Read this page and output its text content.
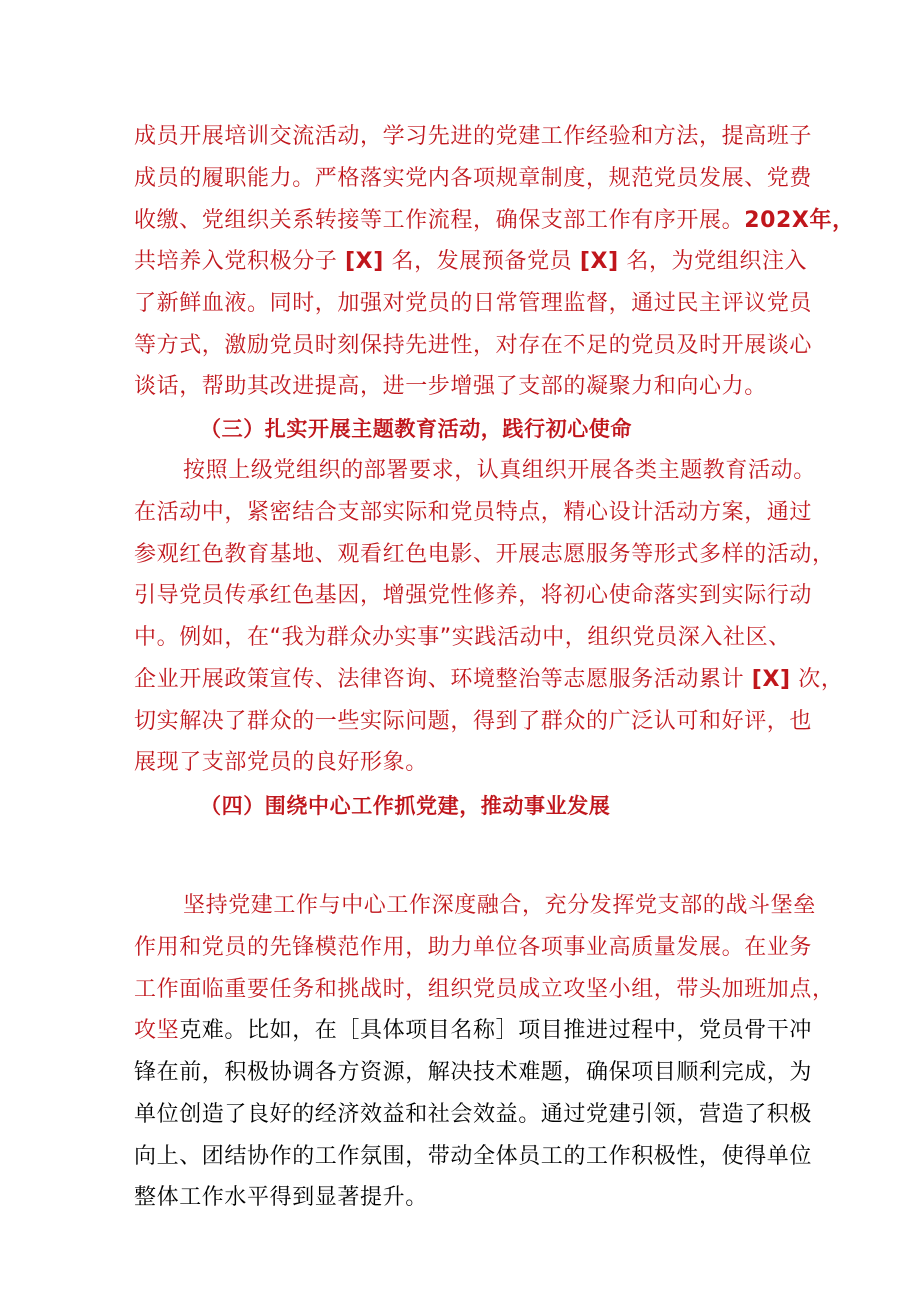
成员开展培训交流活动，学习先进的党建工作经验和方法，提高班子
成员的履职能力。严格落实党内各项规章制度，规范党员发展、党费
收缴、党组织关系转接等工作流程，确保支部工作有序开展。202X年，
共培养入党积极分子 [X] 名，发展预备党员 [X] 名，为党组织注入
了新鲜血液。同时，加强对党员的日常管理监督，通过民主评议党员
等方式，激励党员时刻保持先进性，对存在不足的党员及时开展谈心
谈话，帮助其改进提高，进一步增强了支部的凝聚力和向心力。
（三）扎实开展主题教育活动，践行初心使命
按照上级党组织的部署要求，认真组织开展各类主题教育活动。
在活动中，紧密结合支部实际和党员特点，精心设计活动方案，通过
参观红色教育基地、观看红色电影、开展志愿服务等形式多样的活动，
引导党员传承红色基因，增强党性修养，将初心使命落实到实际行动
中。例如，在“我为群众办实事”实践活动中，组织党员深入社区、
企业开展政策宣传、法律咨询、环境整治等志愿服务活动累计 [X] 次，
切实解决了群众的一些实际问题，得到了群众的广泛认可和好评，也
展现了支部党员的良好形象。
（四）围绕中心工作抓党建，推动事业发展
坚持党建工作与中心工作深度融合，充分发挥党支部的战斗堡垒
作用和党员的先锋模范作用，助力单位各项事业高质量发展。在业务
工作面临重要任务和挑战时，组织党员成立攻坚小组，带头加班加点，
攻坚克难。比如，在［具体项目名称］项目推进过程中，党员骨干冲
锋在前，积极协调各方资源，解决技术难题，确保项目顺利完成，为
单位创造了良好的经济效益和社会效益。通过党建引领，营造了积极
向上、团结协作的工作氛围，带动全体员工的工作积极性，使得单位
整体工作水平得到显著提升。
